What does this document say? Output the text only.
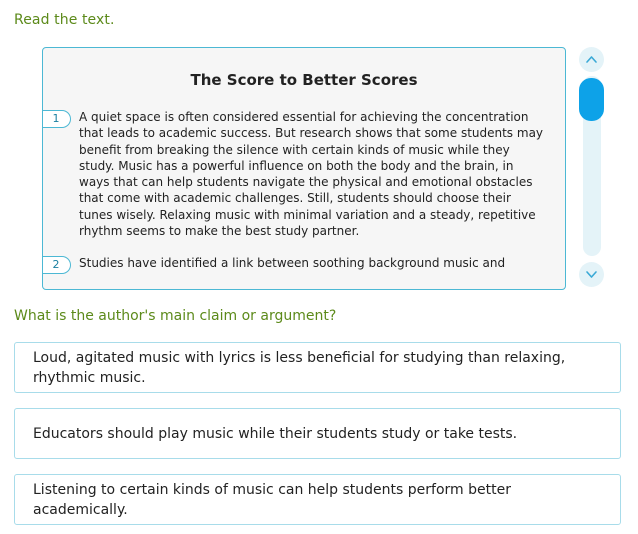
Read the text.
The Score to Better Scores
1	A quiet space is often considered essential for achieving the concentration that leads to academic success. But research shows that some students may benefit from breaking the silence with certain kinds of music while they study. Music has a powerful influence on both the body and the brain, in ways that can help students navigate the physical and emotional obstacles that come with academic challenges. Still, students should choose their tunes wisely. Relaxing music with minimal variation and a steady, repetitive rhythm seems to make the best study partner.
2	Studies have identified a link between soothing background music and
What is the author's main claim or argument?
Loud, agitated music with lyrics is less beneficial for studying than relaxing, rhythmic music.
Educators should play music while their students study or take tests.
Listening to certain kinds of music can help students perform better academically.
